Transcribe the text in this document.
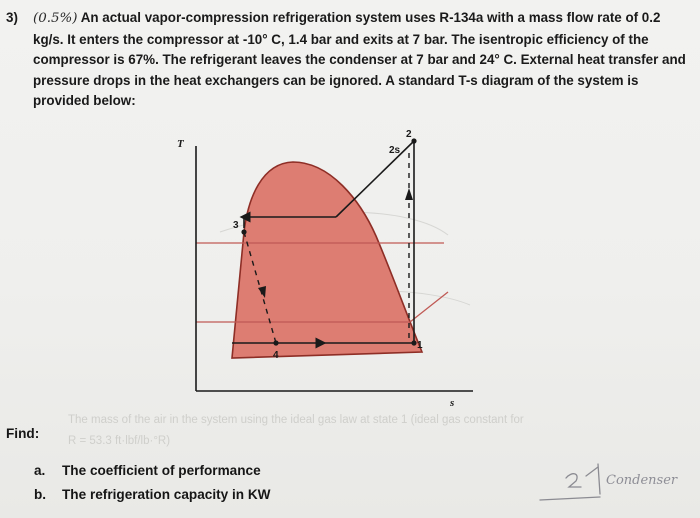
3) (0.5%) An actual vapor-compression refrigeration system uses R-134a with a mass flow rate of 0.2 kg/s. It enters the compressor at -10° C, 1.4 bar and exits at 7 bar. The isentropic efficiency of the compressor is 67%. The refrigerant leaves the condenser at 7 bar and 24° C. External heat transfer and pressure drops in the heat exchangers can be ignored. A standard T-s diagram of the system is provided below:
T
s
2
2s
3
4
1
The mass of the air in the system using the ideal gas law at state 1 (ideal gas constant for
R = 53.3 ft·lbf/lb·°R)
Find:
a.	The coefficient of performance
b.	The refrigeration capacity in KW
Condenser
